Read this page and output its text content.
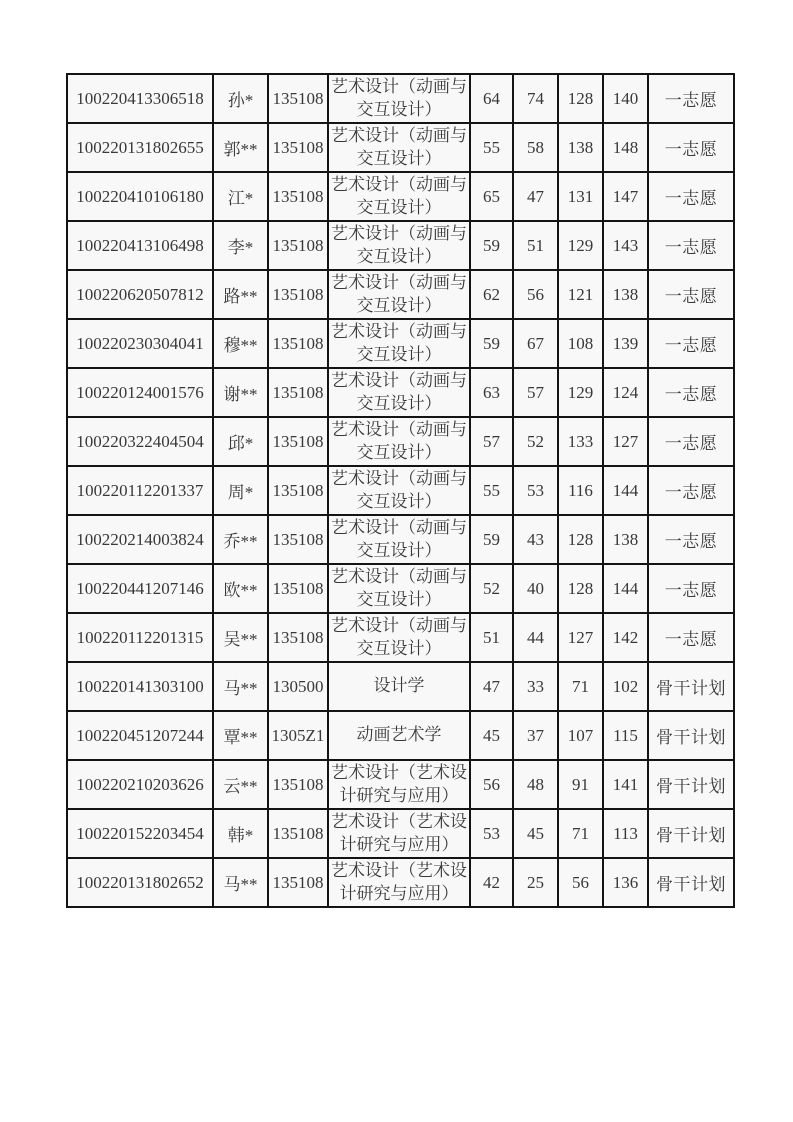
100220413306518	孙*	135108	艺术设计（动画与交互设计）	64	74	128	140	一志愿
100220131802655	郭**	135108	艺术设计（动画与交互设计）	55	58	138	148	一志愿
100220410106180	江*	135108	艺术设计（动画与交互设计）	65	47	131	147	一志愿
100220413106498	李*	135108	艺术设计（动画与交互设计）	59	51	129	143	一志愿
100220620507812	路**	135108	艺术设计（动画与交互设计）	62	56	121	138	一志愿
100220230304041	穆**	135108	艺术设计（动画与交互设计）	59	67	108	139	一志愿
100220124001576	谢**	135108	艺术设计（动画与交互设计）	63	57	129	124	一志愿
100220322404504	邱*	135108	艺术设计（动画与交互设计）	57	52	133	127	一志愿
100220112201337	周*	135108	艺术设计（动画与交互设计）	55	53	116	144	一志愿
100220214003824	乔**	135108	艺术设计（动画与交互设计）	59	43	128	138	一志愿
100220441207146	欧**	135108	艺术设计（动画与交互设计）	52	40	128	144	一志愿
100220112201315	吴**	135108	艺术设计（动画与交互设计）	51	44	127	142	一志愿
100220141303100	马**	130500	设计学	47	33	71	102	骨干计划
100220451207244	覃**	1305Z1	动画艺术学	45	37	107	115	骨干计划
100220210203626	云**	135108	艺术设计（艺术设计研究与应用）	56	48	91	141	骨干计划
100220152203454	韩*	135108	艺术设计（艺术设计研究与应用）	53	45	71	113	骨干计划
100220131802652	马**	135108	艺术设计（艺术设计研究与应用）	42	25	56	136	骨干计划
